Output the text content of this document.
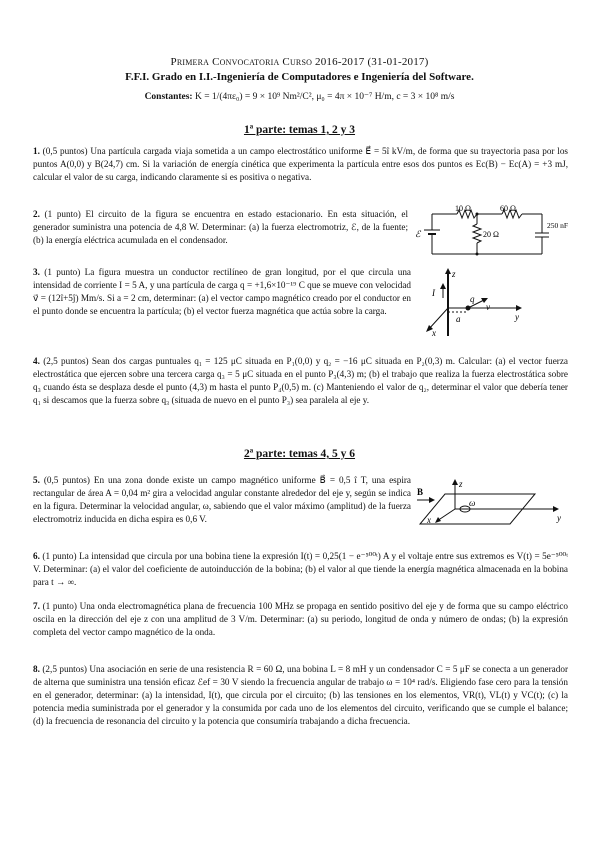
Primera Convocatoria Curso 2016-2017 (31-01-2017)
F.F.I. Grado en I.I.-Ingeniería de Computadores e Ingeniería del Software.
Constantes: K = 1/(4πε₀) = 9 × 10⁹ Nm²/C², μ₀ = 4π × 10⁻⁷ H/m, c = 3 × 10⁸ m/s
1ª parte: temas 1, 2 y 3
1. (0,5 puntos) Una partícula cargada viaja sometida a un campo electrostático uniforme E⃗ = 5î kV/m, de forma que su trayectoria pasa por los puntos A(0,0) y B(24,7) cm. Si la variación de energía cinética que experimenta la partícula entre esos dos puntos es Ec(B) − Ec(A) = +3 mJ, calcular el valor de su carga, indicando claramente si es positiva o negativa.
2. (1 punto) El circuito de la figura se encuentra en estado estacionario. En esta situación, el generador suministra una potencia de 4,8 W. Determinar: (a) la fuerza electromotriz, ℰ, de la fuente; (b) la energía eléctrica acumulada en el condensador.
3. (1 punto) La figura muestra un conductor rectilíneo de gran longitud, por el que circula una intensidad de corriente I = 5 A, y una partícula de carga q = +1,6×10⁻¹⁹ C que se mueve con velocidad v⃗ = (12î+5ĵ) Mm/s. Si a = 2 cm, determinar: (a) el vector campo magnético creado por el conductor en el punto donde se encuentra la partícula; (b) el vector fuerza magnética que actúa sobre la carga.
4. (2,5 puntos) Sean dos cargas puntuales q₁ = 125 μC situada en P₁(0,0) y q₂ = −16 μC situada en P₂(0,3) m. Calcular: (a) el vector fuerza electrostática que ejercen sobre una tercera carga q₃ = 5 μC situada en el punto P₃(4,3) m; (b) el trabajo que realiza la fuerza electrostática sobre q₃ cuando ésta se desplaza desde el punto (4,3) m hasta el punto P₄(0,5) m. (c) Manteniendo el valor de q₂, determinar el valor que debería tener q₁ si descamos que la fuerza sobre q₃ (situada de nuevo en el punto P₃) sea paralela al eje y.
2ª parte: temas 4, 5 y 6
5. (0,5 puntos) En una zona donde existe un campo magnético uniforme B⃗ = 0,5 î T, una espira rectangular de área A = 0,04 m² gira a velocidad angular constante alrededor del eje y, según se indica en la figura. Determinar la velocidad angular, ω, sabiendo que el valor máximo (amplitud) de la fuerza electromotriz inducida en dicha espira es 0,6 V.
6. (1 punto) La intensidad que circula por una bobina tiene la expresión I(t) = 0,25(1 − e⁻⁵⁰⁰ᵗ) A y el voltaje entre sus extremos es V(t) = 5e⁻⁵⁰⁰ᵗ V. Determinar: (a) el valor del coeficiente de autoinducción de la bobina; (b) el valor al que tiende la energía magnética almacenada en la bobina para t → ∞.
7. (1 punto) Una onda electromagnética plana de frecuencia 100 MHz se propaga en sentido positivo del eje y de forma que su campo eléctrico oscila en la dirección del eje z con una amplitud de 3 V/m. Determinar: (a) su periodo, longitud de onda y número de ondas; (b) la expresión completa del vector campo magnético de la onda.
8. (2,5 puntos) Una asociación en serie de una resistencia R = 60 Ω, una bobina L = 8 mH y un condensador C = 5 μF se conecta a un generador de alterna que suministra una tensión eficaz ℰef = 30 V siendo la frecuencia angular de trabajo ω = 10⁴ rad/s. Eligiendo fase cero para la tensión en el generador, determinar: (a) la intensidad, I(t), que circula por el circuito; (b) las tensiones en los elementos, VR(t), VL(t) y VC(t); (c) la potencia media suministrada por el generador y la consumida por cada uno de los elementos del circuito, verificando que se cumple el balance; (d) la frecuencia de resonancia del circuito y la potencia que consumiría trabajando a dicha frecuencia.
10 Ω	60 Ω
20 Ω
250 nF
ℰ
z
y
x
I
q
v
a
B⃗
z
y
x
ω
